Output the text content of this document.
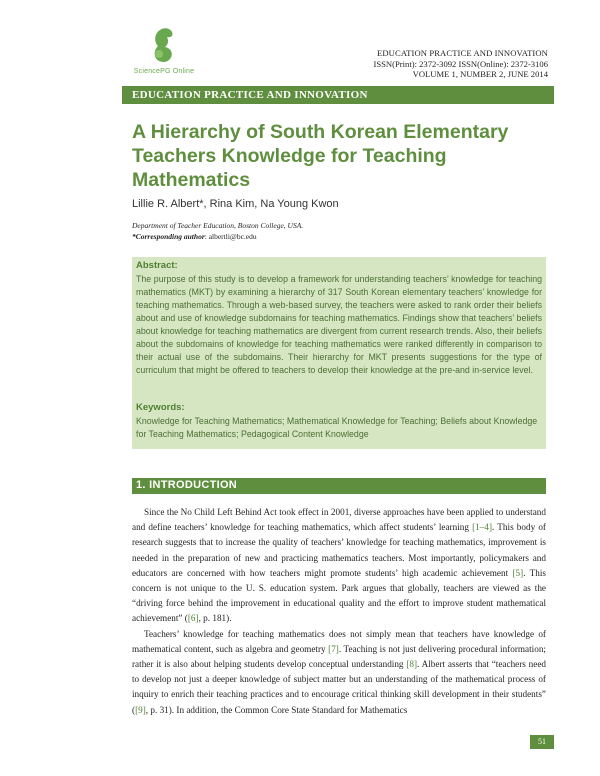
SciencePG Online
EDUCATION PRACTICE AND INNOVATION
ISSN(Print): 2372-3092 ISSN(Online): 2372-3106
VOLUME 1, NUMBER 2, JUNE 2014
EDUCATION PRACTICE AND INNOVATION
A Hierarchy of South Korean Elementary Teachers Knowledge for Teaching Mathematics
Lillie R. Albert*, Rina Kim, Na Young Kwon
Department of Teacher Education, Boston College, USA.
*Corresponding author: albertli@bc.edu
Abstract:

The purpose of this study is to develop a framework for understanding teachers’ knowledge for teaching mathematics (MKT) by examining a hierarchy of 317 South Korean elementary teachers’ knowledge for teaching mathematics. Through a web-based survey, the teachers were asked to rank order their beliefs about and use of knowledge subdomains for teaching mathematics. Findings show that teachers’ beliefs about knowledge for teaching mathematics are divergent from current research trends. Also, their beliefs about the subdomains of knowledge for teaching mathematics were ranked differently in comparison to their actual use of the subdomains. Their hierarchy for MKT presents suggestions for the type of curriculum that might be offered to teachers to develop their knowledge at the pre-and in-service level.

Keywords:

Knowledge for Teaching Mathematics; Mathematical Knowledge for Teaching; Beliefs about Knowledge for Teaching Mathematics; Pedagogical Content Knowledge

1. INTRODUCTION

Since the No Child Left Behind Act took effect in 2001, diverse approaches have been applied to understand and define teachers’ knowledge for teaching mathematics, which affect students’ learning [1–4]. This body of research suggests that to increase the quality of teachers’ knowledge for teaching mathematics, improvement is needed in the preparation of new and practicing mathematics teachers. Most importantly, policymakers and educators are concerned with how teachers might promote students’ high academic achievement [5]. This concern is not unique to the U. S. education system. Park argues that globally, teachers are viewed as the “driving force behind the improvement in educational quality and the effort to improve student mathematical achievement” ([6], p. 181).

Teachers’ knowledge for teaching mathematics does not simply mean that teachers have knowledge of mathematical content, such as algebra and geometry [7]. Teaching is not just delivering procedural information; rather it is also about helping students develop conceptual understanding [8]. Albert asserts that “teachers need to develop not just a deeper knowledge of subject matter but an understanding of the mathematical process of inquiry to enrich their teaching practices and to encourage critical thinking skill development in their students” ([9], p. 31). In addition, the Common Core State Standard for Mathematics

51
